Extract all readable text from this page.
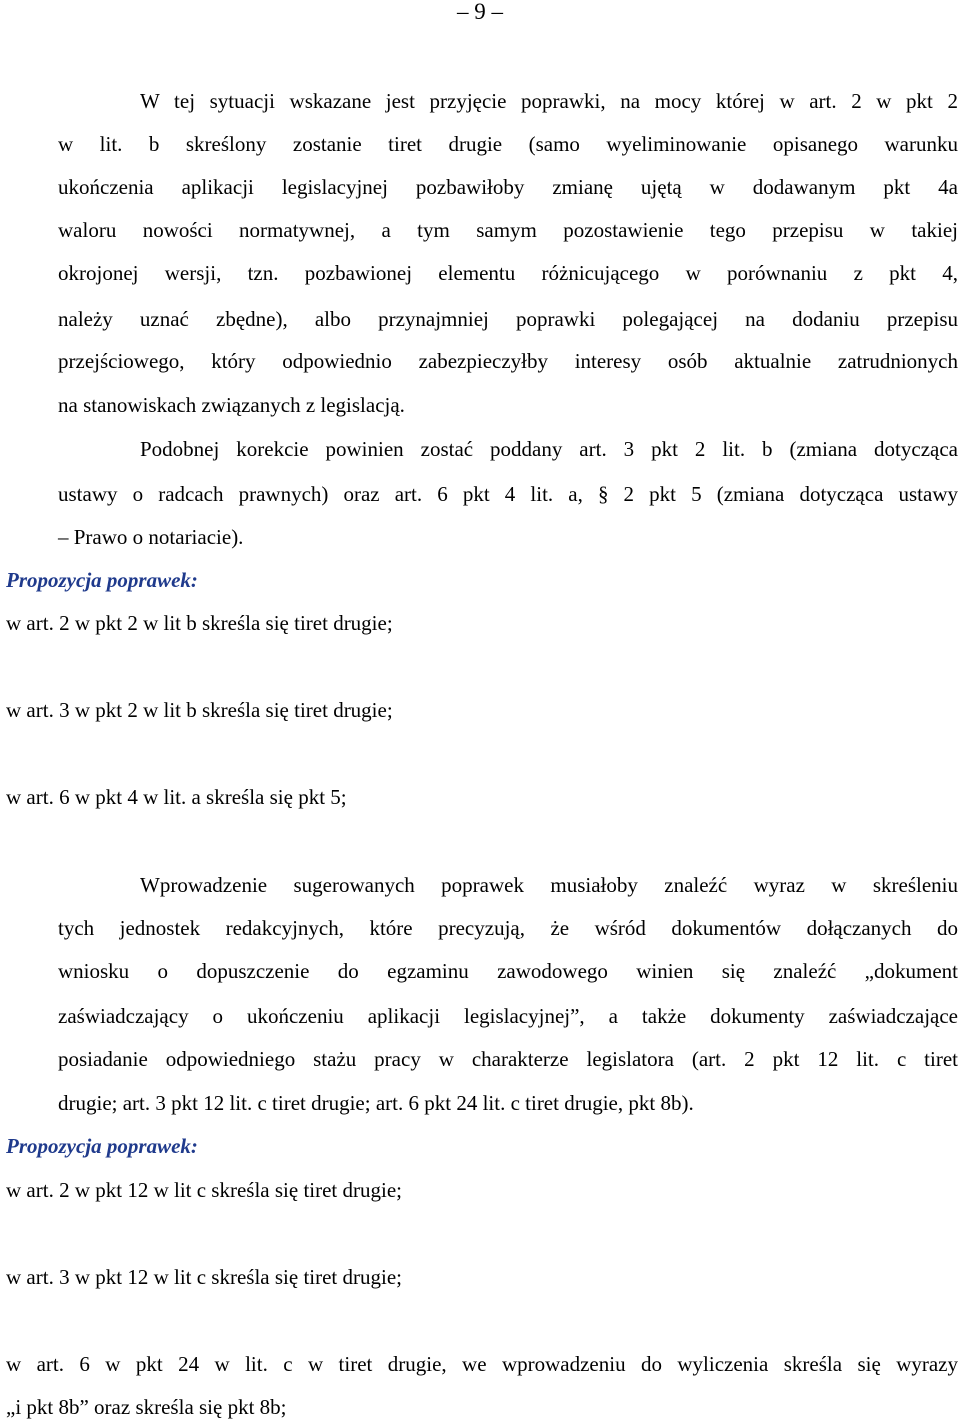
– 9 –
W tej sytuacji wskazane jest przyjęcie poprawki, na mocy której w art. 2 w pkt 2
w lit. b skreślony zostanie tiret drugie (samo wyeliminowanie opisanego warunku
ukończenia aplikacji legislacyjnej pozbawiłoby zmianę ujętą w dodawanym pkt 4a
waloru nowości normatywnej, a tym samym pozostawienie tego przepisu w takiej
okrojonej wersji, tzn. pozbawionej elementu różnicującego w porównaniu z pkt 4,
należy uznać zbędne), albo przynajmniej poprawki polegającej na dodaniu przepisu
przejściowego, który odpowiednio zabezpieczyłby interesy osób aktualnie zatrudnionych
na stanowiskach związanych z legislacją.
Podobnej korekcie powinien zostać poddany art. 3 pkt 2 lit. b (zmiana dotycząca
ustawy o radcach prawnych) oraz art. 6 pkt 4 lit. a, § 2 pkt 5 (zmiana dotycząca ustawy
– Prawo o notariacie).
Propozycja poprawek:
w art. 2 w pkt 2 w lit b skreśla się tiret drugie;
w art. 3 w pkt 2 w lit b skreśla się tiret drugie;
w art. 6 w pkt 4 w lit. a skreśla się pkt 5;
Wprowadzenie sugerowanych poprawek musiałoby znaleźć wyraz w skreśleniu
tych jednostek redakcyjnych, które precyzują, że wśród dokumentów dołączanych do
wniosku o dopuszczenie do egzaminu zawodowego winien się znaleźć „dokument
zaświadczający o ukończeniu aplikacji legislacyjnej”, a także dokumenty zaświadczające
posiadanie odpowiedniego stażu pracy w charakterze legislatora (art. 2 pkt 12 lit. c tiret
drugie; art. 3 pkt 12 lit. c tiret drugie; art. 6 pkt 24 lit. c tiret drugie, pkt 8b).
Propozycja poprawek:
w art. 2 w pkt 12 w lit c skreśla się tiret drugie;
w art. 3 w pkt 12 w lit c skreśla się tiret drugie;
w art. 6 w pkt 24 w lit. c w tiret drugie, we wprowadzeniu do wyliczenia skreśla się wyrazy
„i pkt 8b” oraz skreśla się pkt 8b;
